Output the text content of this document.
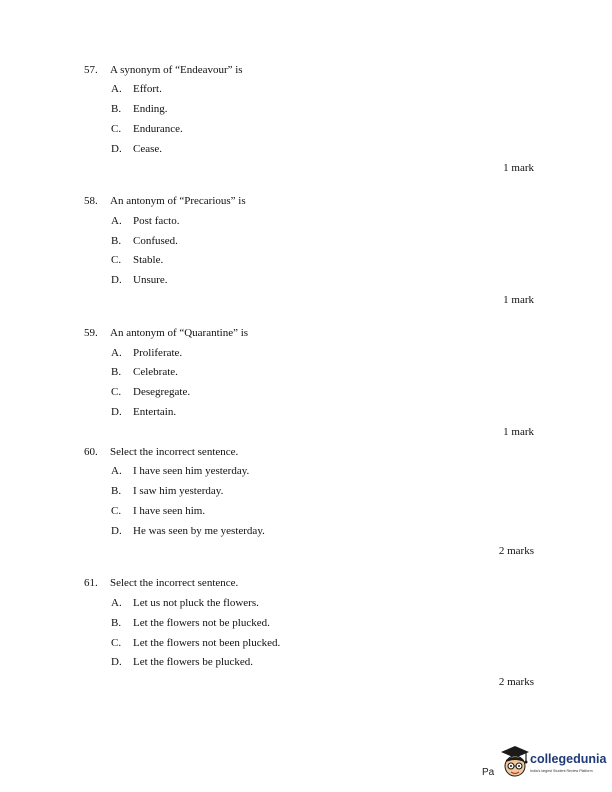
57. A synonym of “Endeavour” is
A. Effort.
B. Ending.
C. Endurance.
D. Cease.
1 mark
58. An antonym of “Precarious” is
A. Post facto.
B. Confused.
C. Stable.
D. Unsure.
1 mark
59. An antonym of “Quarantine” is
A. Proliferate.
B. Celebrate.
C. Desegregate.
D. Entertain.
1 mark
60. Select the incorrect sentence.
A. I have seen him yesterday.
B. I saw him yesterday.
C. I have seen him.
D. He was seen by me yesterday.
2 marks
61. Select the incorrect sentence.
A. Let us not pluck the flowers.
B. Let the flowers not be plucked.
C. Let the flowers not been plucked.
D. Let the flowers be plucked.
2 marks
Pa
collegedunia
India's largest Student Review Platform
